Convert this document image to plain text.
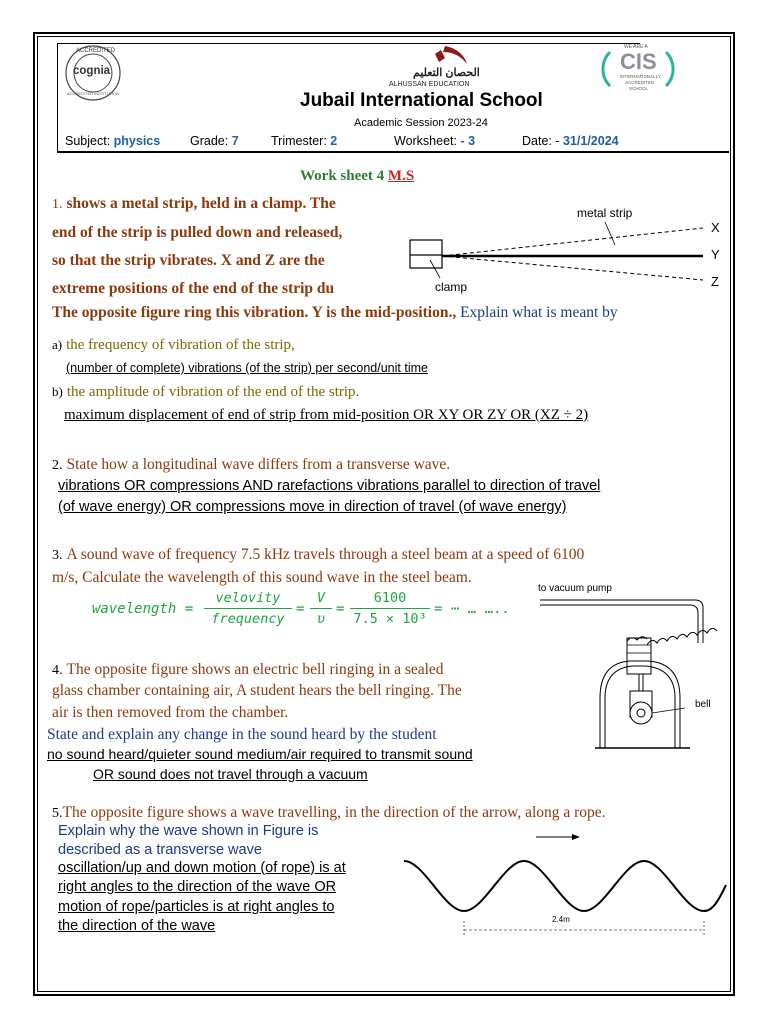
ACCREDITED
cognia
ACCREDITED INSTITUTION
الحصان التعليم
ALHUSSAN EDUCATION
WE ARE A
CIS
INTERNATIONALLY
ACCREDITED
SCHOOL
Jubail International School
Academic Session 2023-24
Subject: physics Grade: 7	Trimester: 2	Worksheet: - 3	Date: - 31/1/2024
Work sheet 4 M.S
1. shows a metal strip, held in a clamp. The
end of the strip is pulled down and released,
so that the strip vibrates. X and Z are the
extreme positions of the end of the strip du
The opposite figure ring this vibration. Y is the mid-position., Explain what is meant by
metal strip
clamp
X
Y
Z
a) the frequency of vibration of the strip,
(number of complete) vibrations (of the strip) per second/unit time
b) the amplitude of vibration of the end of the strip.
maximum displacement of end of strip from mid-position OR XY OR ZY OR (XZ ÷ 2)
2. State how a longitudinal wave differs from a transverse wave.
vibrations OR compressions AND rarefactions vibrations parallel to direction of travel
(of wave energy) OR compressions move in direction of travel (of wave energy)
3. A sound wave of frequency 7.5 kHz travels through a steel beam at a speed of 6100
m/s, Calculate the wavelength of this sound wave in the steel beam.
wavelength =
velovity
frequency
= $\frac{V}{\upsilon} = \frac{6100}{\text{7.5 × 10³}}$ = ⋯ … …..
to vacuum pump
bell
4. The opposite figure shows an electric bell ringing in a sealed
glass chamber containing air, A student hears the bell ringing. The
air is then removed from the chamber.
State and explain any change in the sound heard by the student
no sound heard/quieter sound medium/air required to transmit sound
OR sound does not travel through a vacuum
5.The opposite figure shows a wave travelling, in the direction of the arrow, along a rope.
Explain why the wave shown in Figure is
described as a transverse wave
oscillation/up and down motion (of rope) is at
right angles to the direction of the wave OR
motion of rope/particles is at right angles to
the direction of the wave	2.4m
